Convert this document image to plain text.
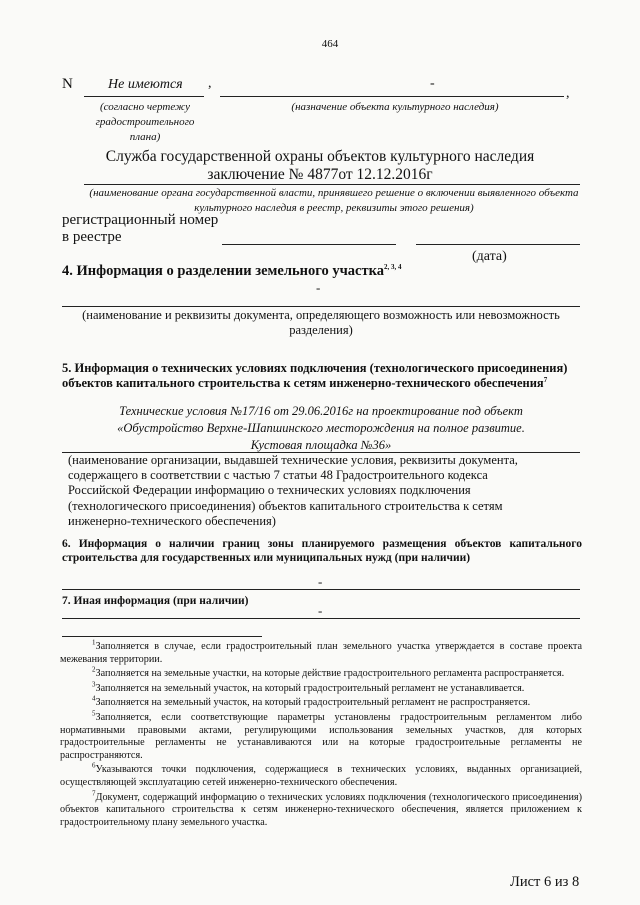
464
N	Не имеются ,	-
,
(согласно чертежу градостроительного плана)
(назначение объекта культурного наследия)
Служба государственной охраны объектов культурного наследия
заключение № 4877от 12.12.2016г
(наименование органа государственной власти, принявшего решение о включении выявленного объекта культурного наследия в реестр, реквизиты этого решения)
регистрационный номер
в реестре
(дата)
4. Информация о разделении земельного участка$^{2, 3, 4}$
-
(наименование и реквизиты документа, определяющего возможность или невозможность разделения)
5. Информация о технических условиях подключения (технологического присоединения) объектов капитального строительства к сетям инженерно-технического обеспечения$^7$
Технические условия №17/16 от 29.06.2016г на проектирование под объект
«Обустройство Верхне-Шапшинского месторождения на полное развитие.
Кустовая площадка №36»
(наименование организации, выдавшей технические условия, реквизиты документа, содержащего в соответствии с частью 7 статьи 48 Градостроительного кодекса Российской Федерации информацию о технических условиях подключения (технологического присоединения) объектов капитального строительства к сетям инженерно-технического обеспечения)
6. Информация о наличии границ зоны планируемого размещения объектов капитального строительства для государственных или муниципальных нужд (при наличии)
-
7. Иная информация (при наличии)
-

$^1$Заполняется в случае, если градостроительный план земельного участка утверждается в составе проекта межевания территории.

$^2$Заполняется на земельные участки, на которые действие градостроительного регламента распространяется.

$^3$Заполняется на земельный участок, на который градостроительный регламент не устанавливается.

$^4$Заполняется на земельный участок, на который градостроительный регламент не распространяется.

$^5$Заполняется, если соответствующие параметры установлены градостроительным регламентом либо нормативными правовыми актами, регулирующими использования земельных участков, для которых градостроительные регламенты не устанавливаются или на которые градостроительные регламенты не распространяются.

$^6$Указываются точки подключения, содержащиеся в технических условиях, выданных организацией, осуществляющей эксплуатацию сетей инженерно-технического обеспечения.

$^7$Документ, содержащий информацию о технических условиях подключения (технологического присоединения) объектов капитального строительства к сетям инженерно-технического обеспечения, является приложением к градостроительному плану земельного участка.

Лист 6 из 8
